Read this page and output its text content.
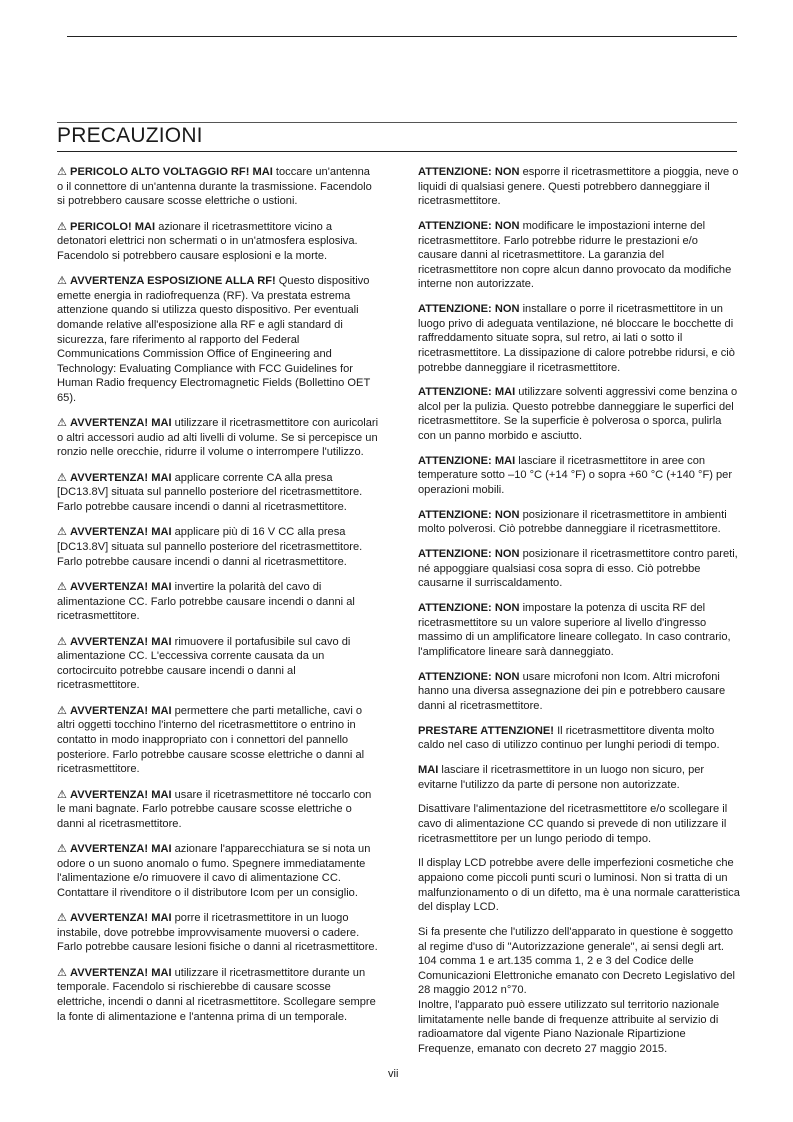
PRECAUZIONI

⚠ PERICOLO ALTO VOLTAGGIO RF! MAI toccare un'antenna o il connettore di un'antenna durante la trasmissione. Facendolo si potrebbero causare scosse elettriche o ustioni.

⚠ PERICOLO! MAI azionare il ricetrasmettitore vicino a detonatori elettrici non schermati o in un'atmosfera esplosiva. Facendolo si potrebbero causare esplosioni e la morte.

⚠ AVVERTENZA ESPOSIZIONE ALLA RF! Questo dispositivo emette energia in radiofrequenza (RF). Va prestata estrema attenzione quando si utilizza questo dispositivo. Per eventuali domande relative all'esposizione alla RF e agli standard di sicurezza, fare riferimento al rapporto del Federal Communications Commission Office of Engineering and Technology: Evaluating Compliance with FCC Guidelines for Human Radio frequency Electromagnetic Fields (Bollettino OET 65).

⚠ AVVERTENZA! MAI utilizzare il ricetrasmettitore con auricolari o altri accessori audio ad alti livelli di volume. Se si percepisce un ronzio nelle orecchie, ridurre il volume o interrompere l'utilizzo.

⚠ AVVERTENZA! MAI applicare corrente CA alla presa [DC13.8V] situata sul pannello posteriore del ricetrasmettitore. Farlo potrebbe causare incendi o danni al ricetrasmettitore.

⚠ AVVERTENZA! MAI applicare più di 16 V CC alla presa [DC13.8V] situata sul pannello posteriore del ricetrasmettitore. Farlo potrebbe causare incendi o danni al ricetrasmettitore.

⚠ AVVERTENZA! MAI invertire la polarità del cavo di alimentazione CC. Farlo potrebbe causare incendi o danni al ricetrasmettitore.

⚠ AVVERTENZA! MAI rimuovere il portafusibile sul cavo di alimentazione CC. L'eccessiva corrente causata da un cortocircuito potrebbe causare incendi o danni al ricetrasmettitore.

⚠ AVVERTENZA! MAI permettere che parti metalliche, cavi o altri oggetti tocchino l'interno del ricetrasmettitore o entrino in contatto in modo inappropriato con i connettori del pannello posteriore. Farlo potrebbe causare scosse elettriche o danni al ricetrasmettitore.

⚠ AVVERTENZA! MAI usare il ricetrasmettitore né toccarlo con le mani bagnate. Farlo potrebbe causare scosse elettriche o danni al ricetrasmettitore.

⚠ AVVERTENZA! MAI azionare l'apparecchiatura se si nota un odore o un suono anomalo o fumo. Spegnere immediatamente l'alimentazione e/o rimuovere il cavo di alimentazione CC. Contattare il rivenditore o il distributore Icom per un consiglio.

⚠ AVVERTENZA! MAI porre il ricetrasmettitore in un luogo instabile, dove potrebbe improvvisamente muoversi o cadere. Farlo potrebbe causare lesioni fisiche o danni al ricetrasmettitore.

⚠ AVVERTENZA! MAI utilizzare il ricetrasmettitore durante un temporale. Facendolo si rischierebbe di causare scosse elettriche, incendi o danni al ricetrasmettitore. Scollegare sempre la fonte di alimentazione e l'antenna prima di un temporale.

ATTENZIONE: NON esporre il ricetrasmettitore a pioggia, neve o liquidi di qualsiasi genere. Questi potrebbero danneggiare il ricetrasmettitore.

ATTENZIONE: NON modificare le impostazioni interne del ricetrasmettitore. Farlo potrebbe ridurre le prestazioni e/o causare danni al ricetrasmettitore. La garanzia del ricetrasmettitore non copre alcun danno provocato da modifiche interne non autorizzate.

ATTENZIONE: NON installare o porre il ricetrasmettitore in un luogo privo di adeguata ventilazione, né bloccare le bocchette di raffreddamento situate sopra, sul retro, ai lati o sotto il ricetrasmettitore. La dissipazione di calore potrebbe ridursi, e ciò potrebbe danneggiare il ricetrasmettitore.

ATTENZIONE: MAI utilizzare solventi aggressivi come benzina o alcol per la pulizia. Questo potrebbe danneggiare le superfici del ricetrasmettitore. Se la superficie è polverosa o sporca, pulirla con un panno morbido e asciutto.

ATTENZIONE: MAI lasciare il ricetrasmettitore in aree con temperature sotto –10 °C (+14 °F) o sopra +60 °C (+140 °F) per operazioni mobili.

ATTENZIONE: NON posizionare il ricetrasmettitore in ambienti molto polverosi. Ciò potrebbe danneggiare il ricetrasmettitore.

ATTENZIONE: NON posizionare il ricetrasmettitore contro pareti, né appoggiare qualsiasi cosa sopra di esso. Ciò potrebbe causarne il surriscaldamento.

ATTENZIONE: NON impostare la potenza di uscita RF del ricetrasmettitore su un valore superiore al livello d'ingresso massimo di un amplificatore lineare collegato. In caso contrario, l'amplificatore lineare sarà danneggiato.

ATTENZIONE: NON usare microfoni non Icom. Altri microfoni hanno una diversa assegnazione dei pin e potrebbero causare danni al ricetrasmettitore.

PRESTARE ATTENZIONE! Il ricetrasmettitore diventa molto caldo nel caso di utilizzo continuo per lunghi periodi di tempo.

MAI lasciare il ricetrasmettitore in un luogo non sicuro, per evitarne l'utilizzo da parte di persone non autorizzate.

Disattivare l'alimentazione del ricetrasmettitore e/o scollegare il cavo di alimentazione CC quando si prevede di non utilizzare il ricetrasmettitore per un lungo periodo di tempo.

Il display LCD potrebbe avere delle imperfezioni cosmetiche che appaiono come piccoli punti scuri o luminosi. Non si tratta di un malfunzionamento o di un difetto, ma è una normale caratteristica del display LCD.

Si fa presente che l'utilizzo dell'apparato in questione è soggetto al regime d'uso di "Autorizzazione generale", ai sensi degli art. 104 comma 1 e art.135 comma 1, 2 e 3 del Codice delle Comunicazioni Elettroniche emanato con Decreto Legislativo del 28 maggio 2012 n°70.
Inoltre, l'apparato può essere utilizzato sul territorio nazionale limitatamente nelle bande di frequenze attribuite al servizio di radioamatore dal vigente Piano Nazionale Ripartizione Frequenze, emanato con decreto 27 maggio 2015.

vii
